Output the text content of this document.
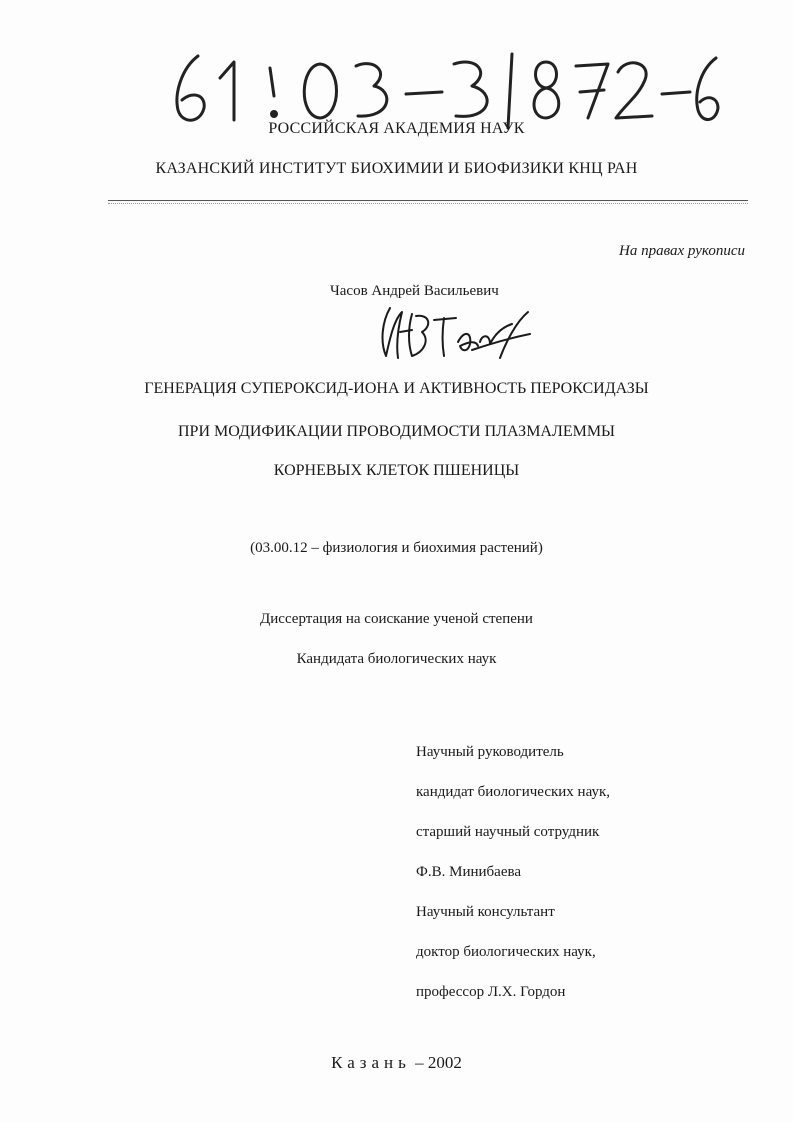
РОССИЙСКАЯ АКАДЕМИЯ НАУК
КАЗАНСКИЙ ИНСТИТУТ БИОХИМИИ И БИОФИЗИКИ КНЦ РАН
На правах рукописи
Часов Андрей Васильевич
ГЕНЕРАЦИЯ СУПЕРОКСИД-ИОНА И АКТИВНОСТЬ ПЕРОКСИДАЗЫ
ПРИ МОДИФИКАЦИИ ПРОВОДИМОСТИ ПЛАЗМАЛЕММЫ
КОРНЕВЫХ КЛЕТОК ПШЕНИЦЫ
(03.00.12 – физиология и биохимия растений)
Диссертация на соискание ученой степени
Кандидата биологических наук
Научный руководитель
кандидат биологических наук,
старший научный сотрудник
Ф.В. Минибаева
Научный консультант
доктор биологических наук,
профессор Л.Х. Гордон
Казань – 2002
